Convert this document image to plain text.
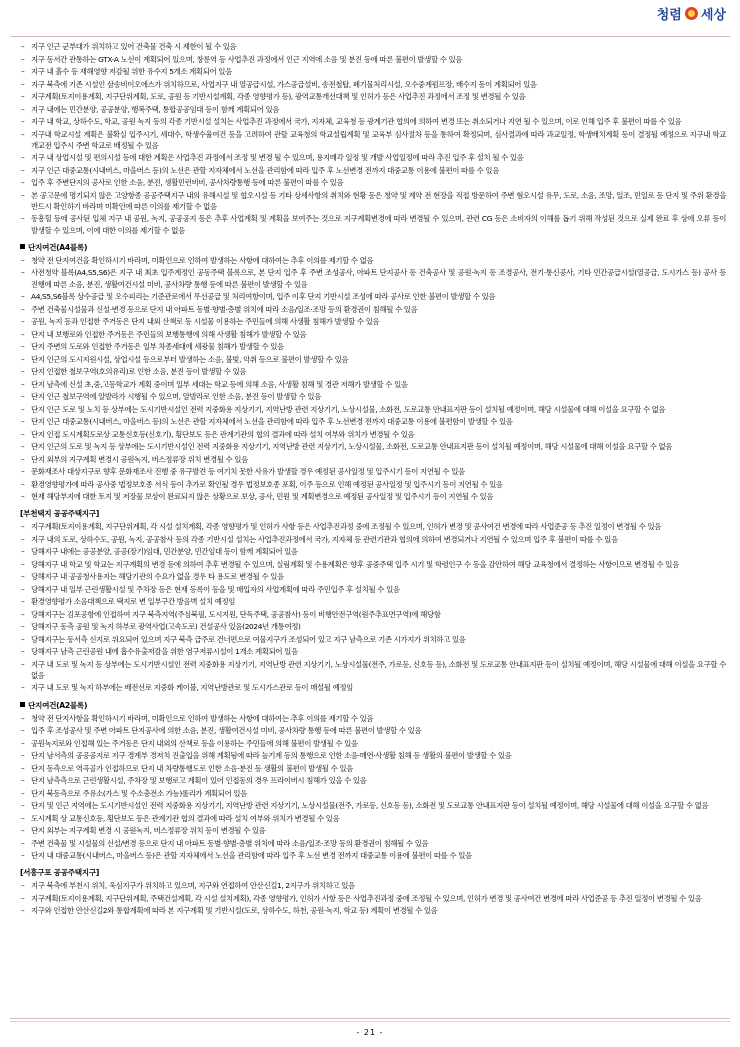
청렴 세상
– 지구 인근 군부대가 위치하고 있어 건축물 건축 시 제한이 될 수 있음
– 지구 동서간 관통하는 GTX-A 노선이 계획되어 있으며, 창릉역 등 사업추진 과정에서 인근 지역에 소음 및 분진 등에 따른 불편이 발생할 수 있음
– 지구 내 흙수 등 재해영향 저감될 위한 유수지 5개소 계획되어 있음
– 지구 북측에 기존 시설인 삼송비이오에스가 위치하므로, 사업지구 내 열공급시설, 가스공급설비, 송전철탑, 폐기물처리시설, 오수중계펌프장, 배수지 등이 계획되어 있음
– 지구계획(토지이용계획, 지구단위계획, 도로, 공원 등 기반시설계획, 각종 영향평가 등), 광역교통개선대책 및 인허가 등은 사업추진 과정에서 조정 및 변경될 수 있음
– 지구 내에는 민간분양, 공공분양, 행복주택, 통합공공임대 등이 함께 계획되어 있음
– 지구 내 학교, 상하수도, 학교, 공원 녹지 등의 각종 기반시설 설치는 사업추진 과정에서 국가, 지자체, 교육청 등 광계기관 협의에 의하여 변경 또는 취소되거나 지연 될 수 있으며, 이로 인해 입주 후 불편이 따를 수 있음
– 지구내 학교시설 계획은 불확실 입주시기, 세대수, 학생수율여건 등을 고려하여 관할 교육청의 학교설립계획 및 교육부 심사절차 등을 통하여 확정되며, 심사결과에 따라 과교일정, 학생배치계획 등이 결정될 예정으로 지구내 학교 개교전 입주시 주변 학교로 배정될 수 있음
– 지구 내 상업시설 및 편의시설 등에 대한 계획은 사업추진 과정에서 조정 및 변경 될 수 있으며, 용지매각 일정 및 개발 사업일정에 따라 추진 입주 후 설치 될 수 있음
– 지구 인근 대중교통(시내버스, 마을버스 등)의 노선은 관할 지자체에서 노선을 관리함에 따라 입주 후 노선변경 전까지 대중교통 이용에 불편이 따를 수 있음
– 입주 후 주변단지의 공사로 인한 소음, 분진, 생활민런비비, 공사차량통행 등에 따른 불편이 따를 수 있음
– 본 공고문에 명기되지 않은 고양항종 공공주택지구 내의 유해시설 및 협오시설 등 기타 상세사항의 취치와 현황 등은 청약 및 계약 전 현장을 직접 방문하여 주변 혐오시설 유무, 도로, 소음, 조망, 일조, 민일로 등 단지 및 주위 환경을 반드시 확인하기 바라며 미확인에 따른 이의를 제기할 수 없음
– 동흥힐 등에 공사된 입체 지구 내 공원, 녹지, 공공공지 등은 추후 사업계획 및 계획을 보여주는 것으로 지구계획변경에 따라 변경될 수 있으며, 관련 CG 등은 소비자의 이해를 돕기 위해 작성된 것으로 실제 완료 후 상에 오류 등이 발생할 수 있으며, 이에 대한 이의를 제기할 수 없음
단지여건(A4블록)
– 청약 전 단지여건을 확인하시기 바라며, 미확인으로 인하여 발생하는 사항에 대하여는 추후 이의를 제기할 수 없음
– 사전청약 블록(A4,S5,S6)은 지구 내 최초 입주계정인 공동주택 블록으로, 본 단지 입주 후 주변 조성공사, 아파트 단지공사 등 건축공사 및 공원·녹지 등 조경공사, 전기·통신공사, 기타 민간공급시설(열공급, 도시가스 등) 공사 등 진행에 따른 소음, 분진, 생활여건시설 미비, 공사차량 통행 등에 따른 불편이 발생할 수 있음
– A4,S5,S6블록 상수공급 및 오수피리는 기준관로에서 무선공급 및 처리여항이며, 입주 이후 단지 기반시설 조성에 따라 공사로 인한 불편이 발생할 수 있음
– 주변 건축물시설물과 신설·변경 등으로 단지 내 아파트 동별·향별·층별 위치에 따라 소음/일조·조망 등의 환경권이 침해될 수 있음
– 공원, 녹지 등과 인접한 주거동은 단지 내외 산책로 등 시설물 이용하는 주민들에 의해 사생활 침해가 발생할 수 있음
– 단지 내 보행로와 인접한 주거동은 주민들의 보행통행에 의해 사생활 침해가 발생할 수 있음
– 단지 주변의 도로와 인접한 주거동은 일부 차종세대에 세광물 침해가 발생할 수 있음
– 단지 인근의 도시지원시설, 상업시설 등으로부터 발생하는 소음, 불빛, 악취 등으로 불편이 발생할 수 있음
– 단지 인접한 철보구역(호의유리)로 인한 소음, 분진 등이 발생할 수 있음
– 단지 남측에 신설 초,중,고등학교가 계획 중이며 일부 세대는 학교 등에 의해 소음, 사생활 침해 및 경관 저해가 발생할 수 있음
– 단지 인근 철보구역에 알발라가 시행될 수 있으며, 알발라로 인한 소음, 분진 등이 발생할 수 있음
– 단지 인근 도로 및 노치 등 상부에는 도시기반시설인 전력 지중화용 지상기기, 지역난방 관련 지상기기, 노상시설물, 소화전, 도로교통 안내표지판 등이 설치될 예정이며, 해당 시설물에 대해 이설을 요구할 수 없음
– 단지 인근 대중교통(시내버스, 마을버스 등)의 노선은 관할 지자체에서 노선을 관리함에 따라 입주 후 노선변경 전까지 대중교통 이용에 불편함이 발생할 수 있음
– 단지 인접 도시계획도로상 교통신호등(신호기), 횡단보도 등은 관계기관의 협의 결과에 따라 설치 여부와 위치가 변경될 수 있음
– 단지 인근의 도로 및 녹지 등 상부에는 도시기반시설인 전력 지중화용 지상기기, 지역난방 관련 지상기기, 노상시설물, 소화전, 도로교통 안내표지판 등이 설치될 예정이며, 해당 시설물에 대해 이설을 요구할 수 없음
– 단지 외부의 지구계획 변경시 공원녹지, 버스정류장 위치 변경될 수 있음
– 문화재조사 대상지구로 향후 문화재조사 진행 중 유구발견 등 여기치 못한 사유가 발생할 경우 예정된 공사일정 및 입주시기 등이 지연될 수 있음
– 환경영향평가에 따라 공사중 법정보호종 서식 등이 추가로 확인될 경우 법정보호종 포획, 이주 등으로 인해 예정된 공사일정 및 입주시기 등이 지연될 수 있음
– 현재 해당부지에 대한 토지 및 저장물 보상이 완료되지 않은 상황으로 보상, 공사, 민원 및 계획변경으로 예정된 공사일정 및 입주시기 등이 지연될 수 있음
[부천택지 공공주택지구]
– 지구계획(토지이용계획, 지구단위계획, 각 시설 설치계획, 각종 영향평가 및 인허가 사항 등은 사업추진과정 중에 조정될 수 있으며, 인허가 변경 및 공사여건 변경에 따라 사업준공 등 추진 일정이 변경될 수 있음
– 지구 내의 도로, 상하수도, 공원, 녹지, 공공참사 등의 각종 기반시설 설치는 사업추진과정에서 국가, 지자체 등 관련기관과 협의에 의하여 변경되거나 지연될 수 있으며 입주 후 불편이 따를 수 있음
– 당해지구 내에는 공공분양, 공공(장기)임대, 민간분양, 민간임대 등이 함께 계획되어 있음
– 당해지구 내 학교 및 학교는 지구계획의 변경 등에 의하여 추후 변경될 수 있으며, 실림계획 및 수용계획은 향후 공중주택 입주 시기 및 학령인구 수 등을 감안하여 해당 교육청에서 결정하는 사항이므로 변경될 수 있음
– 당해지구 내 공공청사용지는 해당기관의 수요가 없을 경우 타 용도로 변경될 수 있음
– 당해지구 내 일부 근린생활시설 및 주차장 등은 현재 등록이 등을 및 매입자의 사업계획에 따라 주민입주 후 설치될 수 있음
– 환경영향평가 소음대책으로 택지로 변 일부구간 방음벽 설치 예정임
– 당해지구는 김포공항에 인접하여 지구 북측지역(주심북필, 도시지원, 단독주택, 공공참사) 등이 비행안전구역(원주추표면구역)에 해당함
– 당해지구 동측 공원 및 녹지 하부로 광역사업(고속도로) 건설공사 있음(2024년 개통여정)
– 당해지구는 동서측 신지로 위요되어 있으며 지구 북측 급주로 건너편으로 여물지구가 조성되어 있고 지구 남측으로 기존 시가지가 위치하고 있음
– 당해지구 남측 근린공원 내에 흡수유출저감을 위한 염구저류시설이 1개소 계획되어 있음
– 지구 내 도로 및 녹지 등 상부에는 도시기반시설인 전력 지중화용 지상기기, 지역난방 관련 지상기기, 노상시설물(전주, 가로등, 신호등 등), 소화전 및 도로교통 안내표지판 등이 설치될 예정이며, 해당 시설물에 대해 이설을 요구할 수 없음
– 지구 내 도로 및 녹지 하부에는 배전선로 지중화 케이블, 지역난방관로 및 도시가스관로 등이 매설될 예정임
단지여건(A2블록)
– 청약 전 단지사항을 확인하시기 바라며, 미확인으로 인하여 발생하는 사항에 대하여는 추후 이의를 제기할 수 있음
– 입주 후 조성공사 및 주변 아파트 단지공사에 의한 소음, 분진, 생활여건시설 미비, 공사차량 통행 등에 따른 불편이 발생할 수 있음
– 공원녹지로와 인접해 있는 주거동은 단지 내외의 산책로 등을 이용하는 주민들에 의해 불편이 발생될 수 있음
– 단지 남서측의 공공공지로 지구 경계부 경저치 진출입을 위해 계획됨에 따라 높기계 등의 통행으로 인한 소음·매연·사생활 침해 등 생활의 불편이 발생할 수 있음
– 단지 동측으로 역곡골가 인접하므로 단지 내 차량통행도로 인한 소음·분진 등 생활의 불편이 발생될 수 있음
– 단지 남측측으로 근린생활시설, 주차장 및 보행로고 계획이 있어 인접동의 경우 프라이버시 침해가 있을 수 있음
– 단지 북동측으로 주유소(가스 및 수소충전소 가능)롤리가 계획되어 있음
– 단지 및 인근 지역에는 도시기반시설인 전력 지중화용 지상기기, 지역난방 관련 지상기기, 노상시설물(전주, 가로등, 신호등 등), 소화전 및 도로교통 안내표지판 등이 설치될 예정이며, 해당 시설물에 대해 이설을 요구할 수 없음
– 도시계획 상 교통신호등, 횡단보도 등은 관계기관 협의 결과에 따라 설치 여부와 위치가 변경될 수 있음
– 단지 외부는 지구계획 변경 시 공원녹지, 버스정류장 위치 등이 변경될 수 있음
– 주변 건축물 및 시설물의 신설/변경 등으로 단지 내 아파트 동별·향별·층별 위치에 따라 소음/일조·조망 등의 환경권이 침해될 수 있음
– 단지 내 대중교통(시내버스, 마을버스 등)은 관할 지자체에서 노선을 관리함에 따라 입주 후 노선 변경 전까지 대중교통 이용에 불편이 따를 수 있음
[서흥구포 공공주택지구]
– 지구 북측에 부천시 위치, 욱심지구가 위치하고 있으며, 지구와 연접하여 안산신길1, 2지구가 위치하고 있음
– 지구계획(토지이용계획, 지구단위계획, 주택건설계획, 각 시설 설치계획), 각종 영향평가, 인허가 사항 등은 사업추진과정 중에 조정될 수 있으며, 인허가 변경 및 공사여건 변경에 따라 사업준공 등 추진 일정이 변경될 수 있음
– 지구와 인접한 안산신길2와 통합계획에 따라 본 지구계획 및 기반시설(도로, 상하수도, 하천, 공원·녹지, 학교 등) 계획이 변경될 수 있음
- 21 -
